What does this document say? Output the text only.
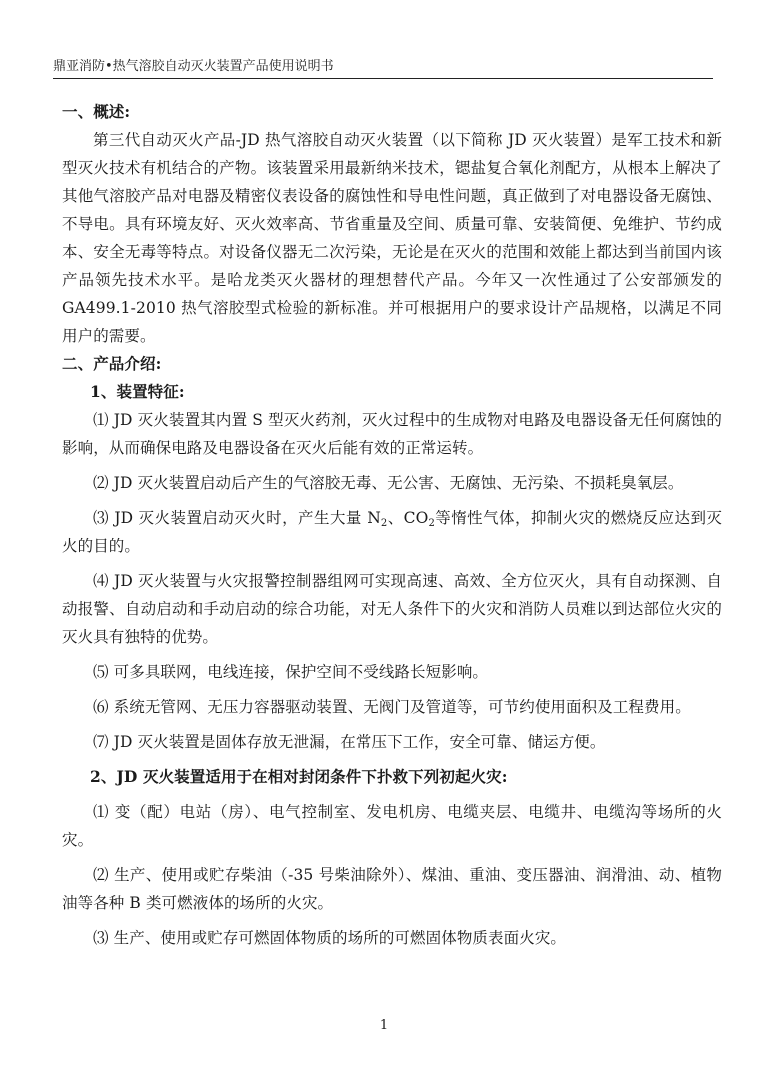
鼎亚消防•热气溶胶自动灭火装置产品使用说明书

一、概述:

第三代自动灭火产品-JD 热气溶胶自动灭火装置（以下简称 JD 灭火装置）是军工技术和新型灭火技术有机结合的产物。该装置采用最新纳米技术，锶盐复合氧化剂配方，从根本上解决了其他气溶胶产品对电器及精密仪表设备的腐蚀性和导电性问题，真正做到了对电器设备无腐蚀、不导电。具有环境友好、灭火效率高、节省重量及空间、质量可靠、安装简便、免维护、节约成本、安全无毒等特点。对设备仪器无二次污染，无论是在灭火的范围和效能上都达到当前国内该产品领先技术水平。是哈龙类灭火器材的理想替代产品。今年又一次性通过了公安部颁发的 GA499.1-2010 热气溶胶型式检验的新标准。并可根据用户的要求设计产品规格，以满足不同用户的需要。

二、产品介绍:

1、装置特征:

⑴ JD 灭火装置其内置 S 型灭火药剂，灭火过程中的生成物对电路及电器设备无任何腐蚀的影响，从而确保电路及电器设备在灭火后能有效的正常运转。

⑵ JD 灭火装置启动后产生的气溶胶无毒、无公害、无腐蚀、无污染、不损耗臭氧层。

⑶ JD 灭火装置启动灭火时，产生大量 $N_2$、$CO_2$等惰性气体，抑制火灾的燃烧反应达到灭火的目的。

⑷ JD 灭火装置与火灾报警控制器组网可实现高速、高效、全方位灭火，具有自动探测、自动报警、自动启动和手动启动的综合功能，对无人条件下的火灾和消防人员难以到达部位火灾的灭火具有独特的优势。

⑸ 可多具联网，电线连接，保护空间不受线路长短影响。

⑹ 系统无管网、无压力容器驱动装置、无阀门及管道等，可节约使用面积及工程费用。

⑺ JD 灭火装置是固体存放无泄漏，在常压下工作，安全可靠、储运方便。

2、JD 灭火装置适用于在相对封闭条件下扑救下列初起火灾:

⑴ 变（配）电站（房）、电气控制室、发电机房、电缆夹层、电缆井、电缆沟等场所的火灾。

⑵ 生产、使用或贮存柴油（-35 号柴油除外）、煤油、重油、变压器油、润滑油、动、植物油等各种 B 类可燃液体的场所的火灾。

⑶ 生产、使用或贮存可燃固体物质的场所的可燃固体物质表面火灾。

1
